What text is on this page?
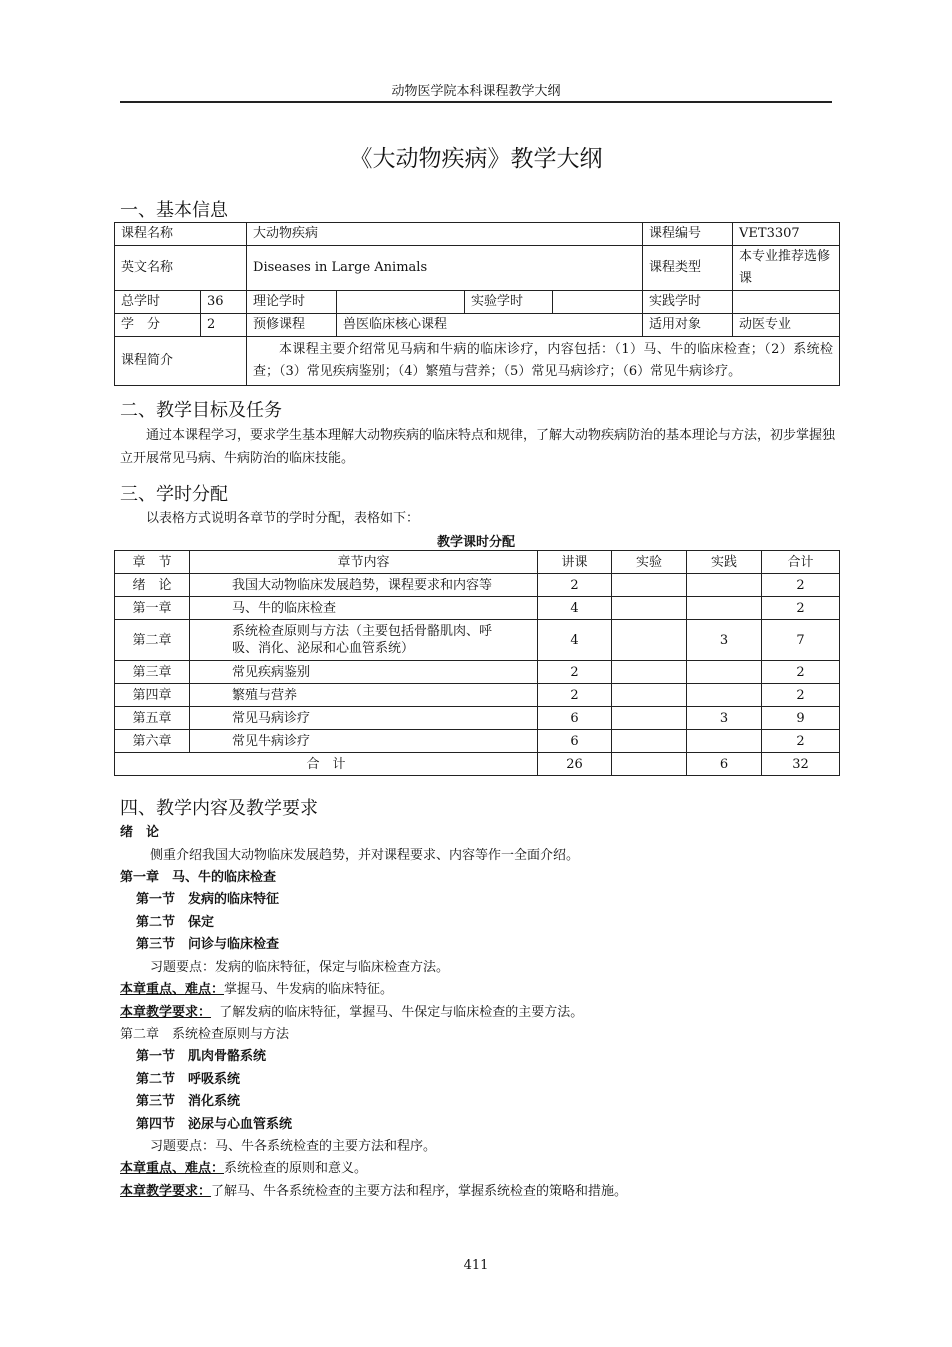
动物医学院本科课程教学大纲
《大动物疾病》教学大纲
一、基本信息
课程名称		大动物疾病				课程编号	VET3307
英文名称		Diseases in Large Animals				课程类型	本专业推荐选修课
总学时	36	理论学时		实验学时		实践学时	
学　分	2	预修课程	兽医临床核心课程			适用对象	动医专业
课程简介		本课程主要介绍常见马病和牛病的临床诊疗，内容包括：（1）马、牛的临床检查；（2）系统检查；（3）常见疾病鉴别；（4）繁殖与营养；（5）常见马病诊疗；（6）常见牛病诊疗。					
二、教学目标及任务
通过本课程学习，要求学生基本理解大动物疾病的临床特点和规律，了解大动物疾病防治的基本理论与方法，初步掌握独立开展常见马病、牛病防治的临床技能。
三、学时分配
以表格方式说明各章节的学时分配，表格如下：
教学课时分配
章　节	章节内容	讲课	实验	实践	合计
绪　论	我国大动物临床发展趋势，课程要求和内容等	2			2
第一章	马、牛的临床检查	4			2
第二章	系统检查原则与方法（主要包括骨骼肌肉、呼吸、消化、泌尿和心血管系统）	4		3	7
第三章	常见疾病鉴别	2			2
第四章	繁殖与营养	2			2
第五章	常见马病诊疗	6		3	9
第六章	常见牛病诊疗	6			2
合　计		26		6	32
四、教学内容及教学要求
绪　论
侧重介绍我国大动物临床发展趋势，并对课程要求、内容等作一全面介绍。
第一章　马、牛的临床检查
第一节　发病的临床特征
第二节　保定
第三节　问诊与临床检查
习题要点：发病的临床特征，保定与临床检查方法。
本章重点、难点：掌握马、牛发病的临床特征。
本章教学要求： 了解发病的临床特征，掌握马、牛保定与临床检查的主要方法。
第二章　系统检查原则与方法
第一节　肌肉骨骼系统
第二节　呼吸系统
第三节　消化系统
第四节　泌尿与心血管系统
习题要点：马、牛各系统检查的主要方法和程序。
本章重点、难点：系统检查的原则和意义。
本章教学要求：了解马、牛各系统检查的主要方法和程序，掌握系统检查的策略和措施。
411
